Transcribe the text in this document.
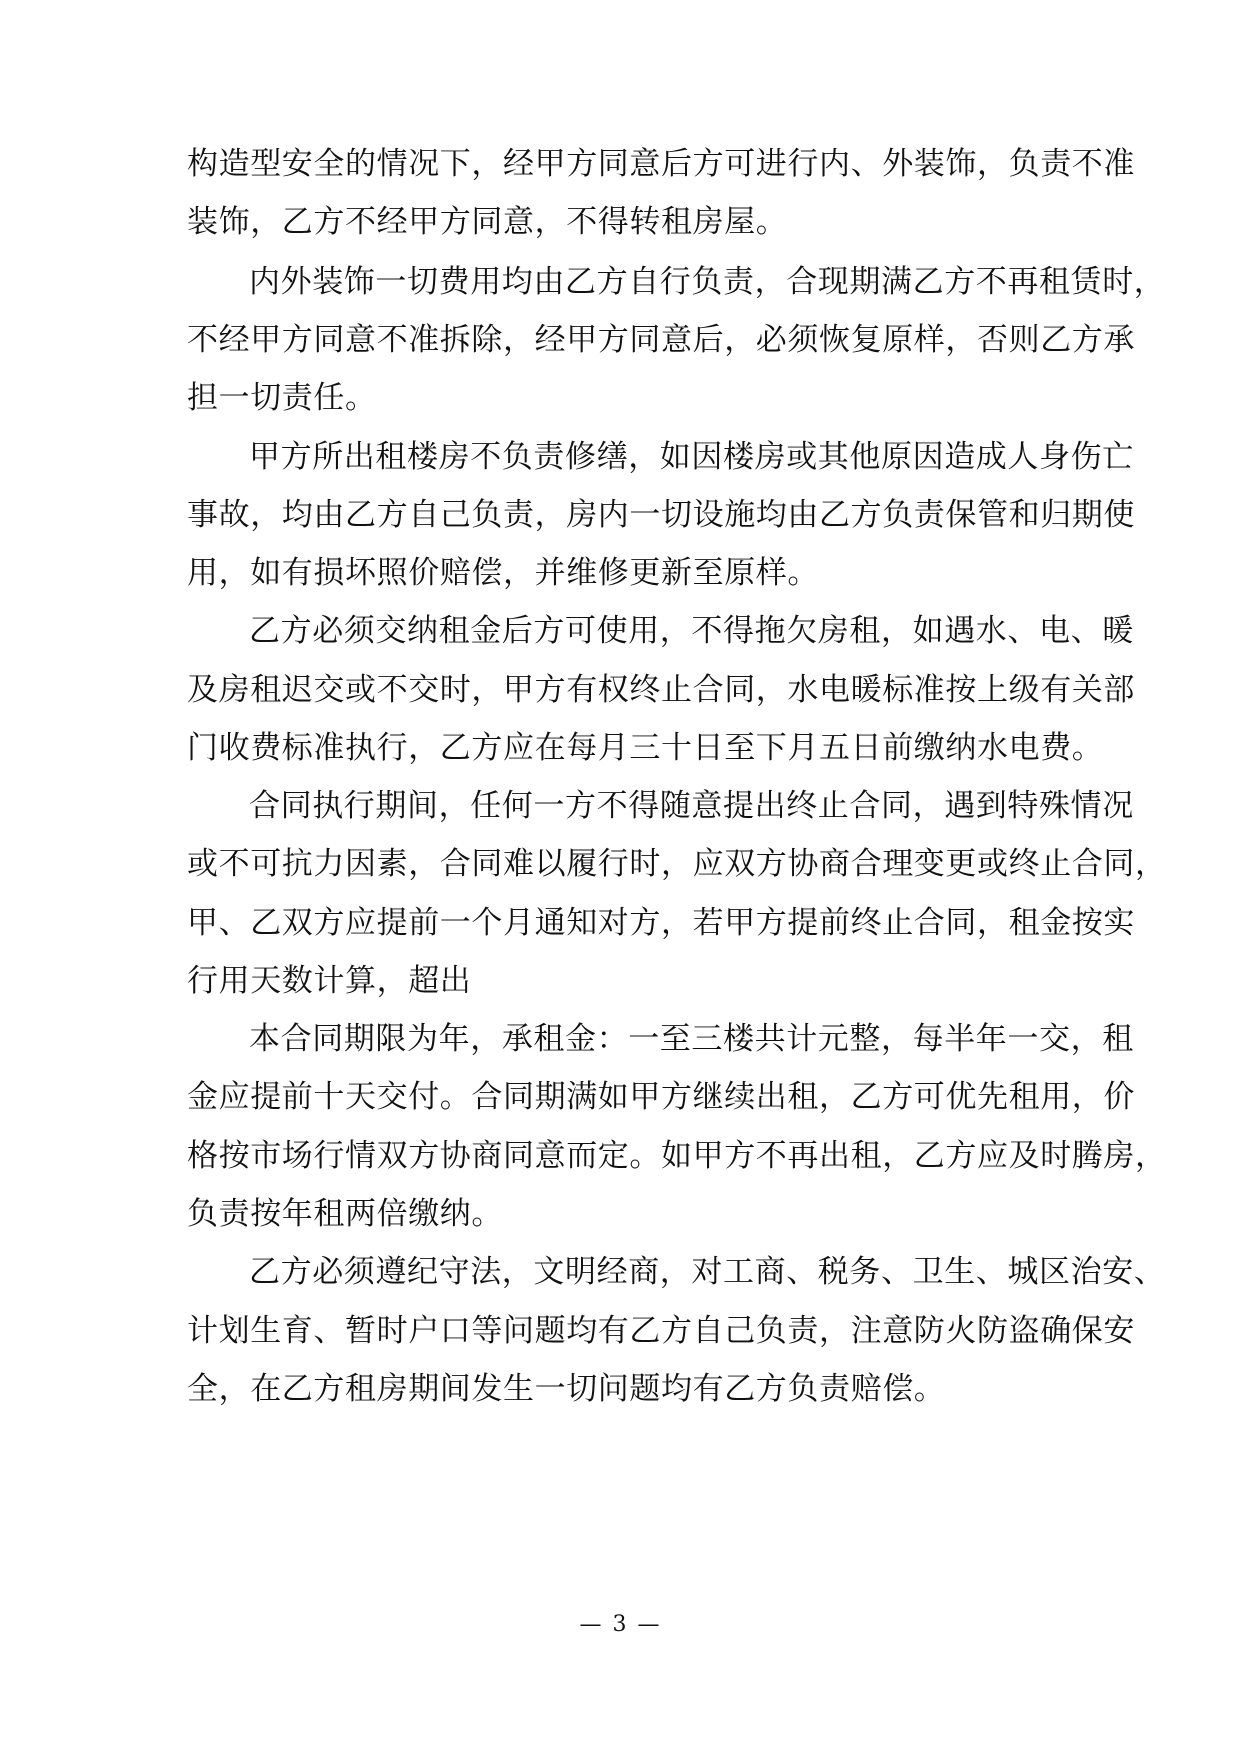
构造型安全的情况下，经甲方同意后方可进行内、外装饰，负责不准
装饰，乙方不经甲方同意，不得转租房屋。
内外装饰一切费用均由乙方自行负责，合现期满乙方不再租赁时，
不经甲方同意不准拆除，经甲方同意后，必须恢复原样，否则乙方承
担一切责任。
甲方所出租楼房不负责修缮，如因楼房或其他原因造成人身伤亡
事故，均由乙方自己负责，房内一切设施均由乙方负责保管和归期使
用，如有损坏照价赔偿，并维修更新至原样。
乙方必须交纳租金后方可使用，不得拖欠房租，如遇水、电、暖
及房租迟交或不交时，甲方有权终止合同，水电暖标准按上级有关部
门收费标准执行，乙方应在每月三十日至下月五日前缴纳水电费。
合同执行期间，任何一方不得随意提出终止合同，遇到特殊情况
或不可抗力因素，合同难以履行时，应双方协商合理变更或终止合同，
甲、乙双方应提前一个月通知对方，若甲方提前终止合同，租金按实
行用天数计算，超出
本合同期限为年，承租金：一至三楼共计元整，每半年一交，租
金应提前十天交付。合同期满如甲方继续出租，乙方可优先租用，价
格按市场行情双方协商同意而定。如甲方不再出租，乙方应及时腾房，
负责按年租两倍缴纳。
乙方必须遵纪守法，文明经商，对工商、税务、卫生、城区治安、
计划生育、暂时户口等问题均有乙方自己负责，注意防火防盗确保安
全，在乙方租房期间发生一切问题均有乙方负责赔偿。
— 3 —
